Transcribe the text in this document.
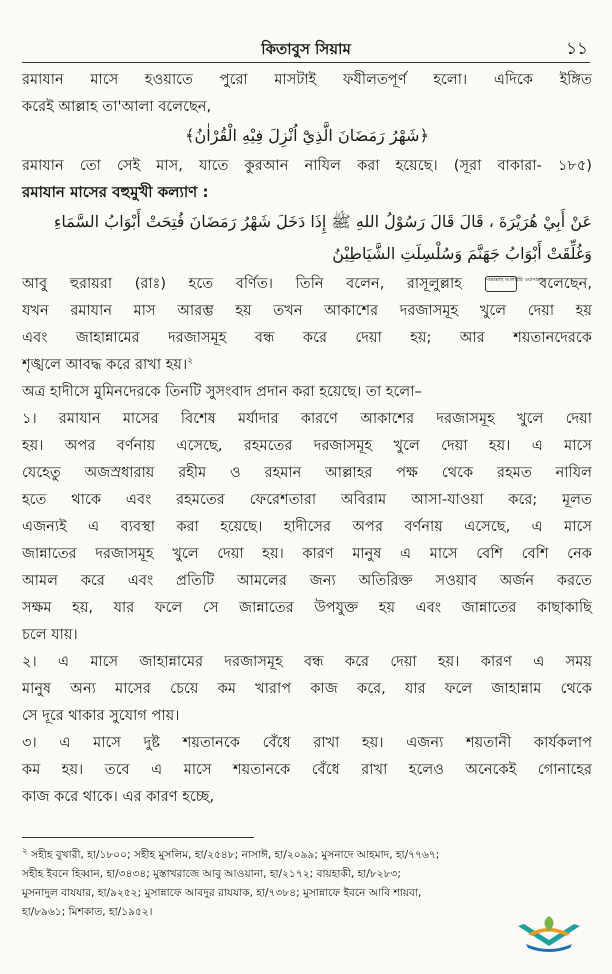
কিতাবুস সিয়াম	১১
রমাযান মাসে হওয়াতে পুরো মাসটাই ফযীলতপূর্ণ হলো। এদিকে ইঙ্গিত
করেই আল্লাহ তা'আলা বলেছেন,
﴿شَهْرُ رَمَضَانَ الَّذِيْٓ اُنْزِلَ فِيْهِ الْقُرْاٰنُ﴾
রমাযান তো সেই মাস, যাতে কুরআন নাযিল করা হয়েছে। (সূরা বাকারা- ১৮৫)
রমাযান মাসের বহুমুখী কল্যাণ :
عَنْ أَبِيْ هُرَيْرَةَ ، قَالَ قَالَ رَسُوْلُ اللهِ ﷺ إِذَا دَخَلَ شَهْرُ رَمَضَانَ فُتِحَتْ أَبْوَابُ السَّمَاءِ
وَغُلِّقَتْ أَبْوَابُ جَهَنَّمَ وَسُلْسِلَتِ الشَّيَاطِيْنُ
আবু হুরায়রা (রাঃ) হতে বর্ণিত। তিনি বলেন, রাসূলুল্লাহ	সাল্লাল্লাহু আলাইহি ওয়াসাল্লাম বলেছেন,
যখন রমাযান মাস আরম্ভ হয় তখন আকাশের দরজাসমূহ খুলে দেয়া হয়
এবং জাহান্নামের দরজাসমূহ বন্ধ করে দেয়া হয়; আর শয়তানদেরকে
শৃঙ্খলে আবদ্ধ করে রাখা হয়।$^২$
অত্র হাদীসে মুমিনদেরকে তিনটি সুসংবাদ প্রদান করা হয়েছে। তা হলো–
১। রমাযান মাসের বিশেষ মর্যাদার কারণে আকাশের দরজাসমূহ খুলে দেয়া
হয়। অপর বর্ণনায় এসেছে, রহমতের দরজাসমূহ খুলে দেয়া হয়। এ মাসে
যেহেতু অজস্রধারায় রহীম ও রহমান আল্লাহর পক্ষ থেকে রহমত নাযিল
হতে থাকে এবং রহমতের ফেরেশতারা অবিরাম আসা-যাওয়া করে; মূলত
এজন্যই এ ব্যবস্থা করা হয়েছে। হাদীসের অপর বর্ণনায় এসেছে, এ মাসে
জান্নাতের দরজাসমূহ খুলে দেয়া হয়। কারণ মানুষ এ মাসে বেশি বেশি নেক
আমল করে এবং প্রতিটি আমলের জন্য অতিরিক্ত সওয়াব অর্জন করতে
সক্ষম হয়, যার ফলে সে জান্নাতের উপযুক্ত হয় এবং জান্নাতের কাছাকাছি
চলে যায়।
২। এ মাসে জাহান্নামের দরজাসমূহ বন্ধ করে দেয়া হয়। কারণ এ সময়
মানুষ অন্য মাসের চেয়ে কম খারাপ কাজ করে, যার ফলে জাহান্নাম থেকে
সে দূরে থাকার সুযোগ পায়।
৩। এ মাসে দুষ্ট শয়তানকে বেঁধে রাখা হয়। এজন্য শয়তানী কার্যকলাপ
কম হয়। তবে এ মাসে শয়তানকে বেঁধে রাখা হলেও অনেকেই গোনাহের
কাজ করে থাকে। এর কারণ হচ্ছে,
$^২$ সহীহ বুখারী, হা/১৮০০; সহীহ মুসলিম, হা/২৫৪৮; নাসাঈ, হা/২০৯৯; মুসনাদে আহমাদ, হা/৭৭৬৭;
সহীহ ইবনে হিব্বান, হা/৩৪৩৪; মুস্তাখরাজে আবু আওয়ানা, হা/২১৭২; বায়হাকী, হা/৮২৮৩;
মুসনাদুল বাযযার, হা/৯২৫২; মুসান্নাফে আবদুর রাযযাক, হা/৭৩৮৪; মুসান্নাফে ইবনে আবি শায়বা,
হা/৮৯৬১; মিশকাত, হা/১৯৫২।
